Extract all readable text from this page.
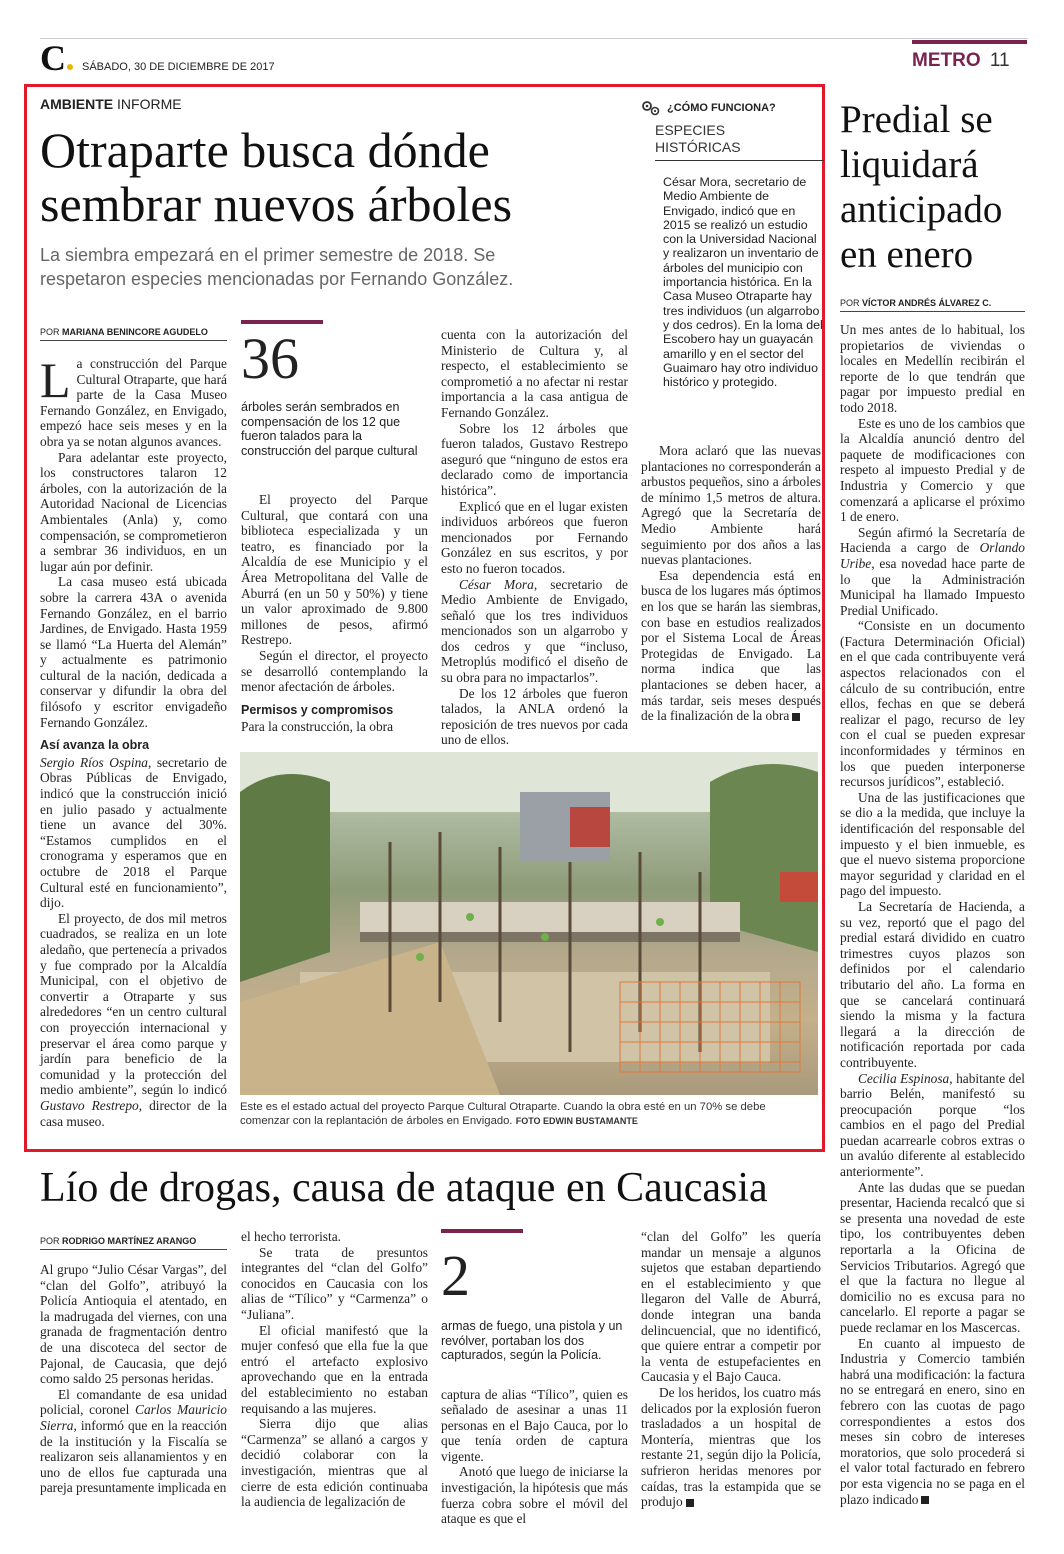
C	SÁBADO, 30 DE DICIEMBRE DE 2017	METRO 11
AMBIENTE INFORME
Otraparte busca dónde
sembrar nuevos árboles
La siembra empezará en el primer semestre de 2018. Se
respetaron especies mencionadas por Fernando González.
POR MARIANA BENINCORE AGUDELO

La construcción del Parque Cultural Otraparte, que hará parte de la Casa Museo Fernando González, en Envigado, empezó hace seis meses y en la obra ya se notan algunos avances.

Para adelantar este proyecto, los constructores talaron 12 árboles, con la autorización de la Autoridad Nacional de Licencias Ambientales (Anla) y, como compensación, se comprometieron a sembrar 36 individuos, en un lugar aún por definir.

La casa museo está ubicada sobre la carrera 43A o avenida Fernando González, en el barrio Jardines, de Envigado. Hasta 1959 se llamó “La Huerta del Alemán” y actualmente es patrimonio cultural de la nación, dedicada a conservar y difundir la obra del filósofo y escritor envigadeño Fernando González.

Así avanza la obra

Sergio Ríos Ospina, secretario de Obras Públicas de Envigado, indicó que la construcción inició en julio pasado y actualmente tiene un avance del 30%. “Estamos cumplidos en el cronograma y esperamos que en octubre de 2018 el Parque Cultural esté en funcionamiento”, dijo.

El proyecto, de dos mil metros cuadrados, se realiza en un lote aledaño, que pertenecía a privados y fue comprado por la Alcaldía Municipal, con el objetivo de convertir a Otraparte y sus alrededores “en un centro cultural con proyección internacional y preservar el área como parque y jardín para beneficio de la comunidad y la protección del medio ambiente”, según lo indicó Gustavo Restrepo, director de la casa museo.

36
árboles serán sembrados en compensación de los 12 que fueron talados para la construcción del parque cultural

El proyecto del Parque Cultural, que contará con una biblioteca especializada y un teatro, es financiado por la Alcaldía de ese Municipio y el Área Metropolitana del Valle de Aburrá (en un 50 y 50%) y tiene un valor aproximado de 9.800 millones de pesos, afirmó Restrepo.

Según el director, el proyecto se desarrolló contemplando la menor afectación de árboles.

Permisos y compromisos

Para la construcción, la obra

cuenta con la autorización del Ministerio de Cultura y, al respecto, el establecimiento se comprometió a no afectar ni restar importancia a la casa antigua de Fernando González.

Sobre los 12 árboles que fueron talados, Gustavo Restrepo aseguró que “ninguno de estos era declarado como de importancia histórica”.

Explicó que en el lugar existen individuos arbóreos que fueron mencionados por Fernando González en sus escritos, y por esto no fueron tocados.

César Mora, secretario de Medio Ambiente de Envigado, señaló que los tres individuos mencionados son un algarrobo y dos cedros y que “incluso, Metroplús modificó el diseño de su obra para no impactarlos”.

De los 12 árboles que fueron talados, la ANLA ordenó la reposición de tres nuevos por cada uno de ellos.

¿CÓMO FUNCIONA?
ESPECIES
HISTÓRICAS
César Mora, secretario de Medio Ambiente de Envigado, indicó que en 2015 se realizó un estudio con la Universidad Nacional y realizaron un inventario de árboles del municipio con importancia histórica. En la Casa Museo Otraparte hay tres individuos (un algarrobo y dos cedros). En la loma del Escobero hay un guayacán amarillo y en el sector del Guaimaro hay otro individuo histórico y protegido.

Mora aclaró que las nuevas plantaciones no corresponderán a arbustos pequeños, sino a árboles de mínimo 1,5 metros de altura. Agregó que la Secretaría de Medio Ambiente hará seguimiento por dos años a las nuevas plantaciones.

Esa dependencia está en busca de los lugares más óptimos en los que se harán las siembras, con base en estudios realizados por el Sistema Local de Áreas Protegidas de Envigado. La norma indica que las plantaciones se deben hacer, a más tardar, seis meses después de la finalización de la obra

Este es el estado actual del proyecto Parque Cultural Otraparte. Cuando la obra esté en un 70% se debe comenzar con la replantación de árboles en Envigado. FOTO EDWIN BUSTAMANTE
Predial se
liquidará
anticipado
en enero
POR VÍCTOR ANDRÉS ÁLVAREZ C.

Un mes antes de lo habitual, los propietarios de viviendas o locales en Medellín recibirán el reporte de lo que tendrán que pagar por impuesto predial en todo 2018.

Este es uno de los cambios que la Alcaldía anunció dentro del paquete de modificaciones con respeto al impuesto Predial y de Industria y Comercio y que comenzará a aplicarse el próximo 1 de enero.

Según afirmó la Secretaría de Hacienda a cargo de Orlando Uribe, esa novedad hace parte de lo que la Administración Municipal ha llamado Impuesto Predial Unificado.

“Consiste en un documento (Factura Determinación Oficial) en el que cada contribuyente verá aspectos relacionados con el cálculo de su contribución, entre ellos, fechas en que se deberá realizar el pago, recurso de ley con el cual se pueden expresar inconformidades y términos en los que pueden interponerse recursos jurídicos”, estableció.

Una de las justificaciones que se dio a la medida, que incluye la identificación del responsable del impuesto y el bien inmueble, es que el nuevo sistema proporcione mayor seguridad y claridad en el pago del impuesto.

La Secretaría de Hacienda, a su vez, reportó que el pago del predial estará dividido en cuatro trimestres cuyos plazos son definidos por el calendario tributario del año. La forma en que se cancelará continuará siendo la misma y la factura llegará a la dirección de notificación reportada por cada contribuyente.

Cecilia Espinosa, habitante del barrio Belén, manifestó su preocupación porque “los cambios en el pago del Predial puedan acarrearle cobros extras o un avalúo diferente al establecido anteriormente”.

Ante las dudas que se puedan presentar, Hacienda recalcó que si se presenta una novedad de este tipo, los contribuyentes deben reportarla a la Oficina de Servicios Tributarios. Agregó que el que la factura no llegue al domicilio no es excusa para no cancelarlo. El reporte a pagar se puede reclamar en los Mascercas.

En cuanto al impuesto de Industria y Comercio también habrá una modificación: la factura no se entregará en enero, sino en febrero con las cuotas de pago correspondientes a estos dos meses sin cobro de intereses moratorios, que solo procederá si el valor total facturado en febrero por esta vigencia no se paga en el plazo indicado

Lío de drogas, causa de ataque en Caucasia
POR RODRIGO MARTÍNEZ ARANGO

Al grupo “Julio César Vargas”, del “clan del Golfo”, atribuyó la Policía Antioquia el atentado, en la madrugada del viernes, con una granada de fragmentación dentro de una discoteca del sector de Pajonal, de Caucasia, que dejó como saldo 25 personas heridas.

El comandante de esa unidad policial, coronel Carlos Mauricio Sierra, informó que en la reacción de la institución y la Fiscalía se realizaron seis allanamientos y en uno de ellos fue capturada una pareja presuntamente implicada en

el hecho terrorista.

Se trata de presuntos integrantes del “clan del Golfo” conocidos en Caucasia con los alias de “Tílico” y “Carmenza” o “Juliana”.

El oficial manifestó que la mujer confesó que ella fue la que entró el artefacto explosivo aprovechando que en la entrada del establecimiento no estaban requisando a las mujeres.

Sierra dijo que alias “Carmenza” se allanó a cargos y decidió colaborar con la investigación, mientras que al cierre de esta edición continuaba la audiencia de legalización de

2
armas de fuego, una pistola y un revólver, portaban los dos capturados, según la Policía.

captura de alias “Tílico”, quien es señalado de asesinar a unas 11 personas en el Bajo Cauca, por lo que tenía orden de captura vigente.

Anotó que luego de iniciarse la investigación, la hipótesis que más fuerza cobra sobre el móvil del ataque es que el

“clan del Golfo” les quería mandar un mensaje a algunos sujetos que estaban departiendo en el establecimiento y que llegaron del Valle de Aburrá, donde integran una banda delincuencial, que no identificó, que quiere entrar a competir por la venta de estupefacientes en Caucasia y el Bajo Cauca.

De los heridos, los cuatro más delicados por la explosión fueron trasladados a un hospital de Montería, mientras que los restante 21, según dijo la Policía, sufrieron heridas menores por caídas, tras la estampida que se produjo
